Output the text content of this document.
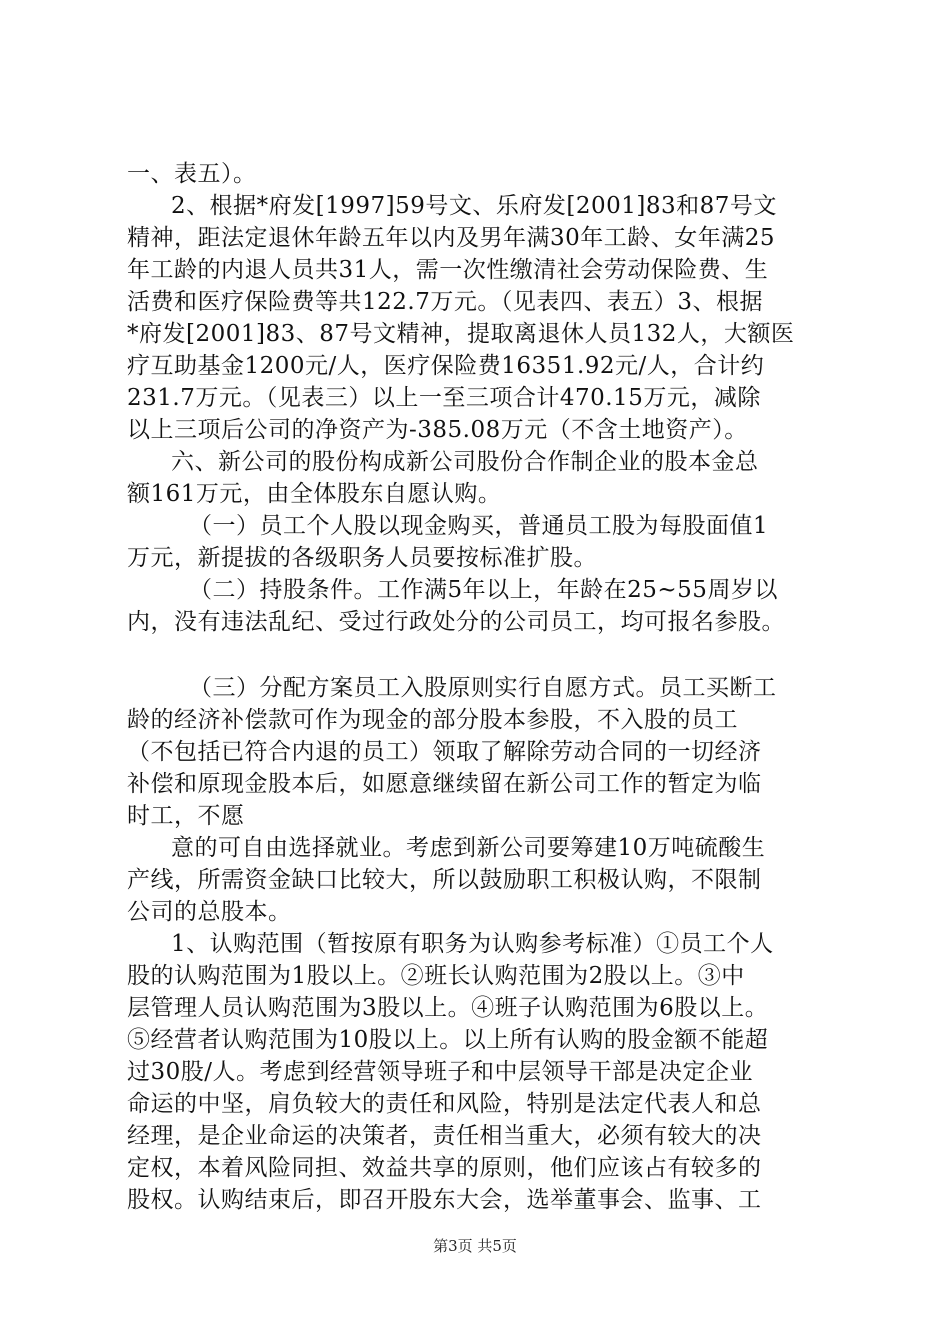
一、表五）。
2、根据*府发[1997]59号文、乐府发[2001]83和87号文
精神，距法定退休年龄五年以内及男年满30年工龄、女年满25
年工龄的内退人员共31人，需一次性缴清社会劳动保险费、生
活费和医疗保险费等共122.7万元。（见表四、表五）3、根据
*府发[2001]83、87号文精神，提取离退休人员132人，大额医
疗互助基金1200元/人，医疗保险费16351.92元/人，合计约
231.7万元。（见表三）以上一至三项合计470.15万元，减除
以上三项后公司的净资产为-385.08万元（不含土地资产）。
六、新公司的股份构成新公司股份合作制企业的股本金总
额161万元，由全体股东自愿认购。
（一）员工个人股以现金购买，普通员工股为每股面值1
万元，新提拔的各级职务人员要按标准扩股。
（二）持股条件。工作满5年以上，年龄在25~55周岁以
内，没有违法乱纪、受过行政处分的公司员工，均可报名参股。
（三）分配方案员工入股原则实行自愿方式。员工买断工
龄的经济补偿款可作为现金的部分股本参股，不入股的员工
（不包括已符合内退的员工）领取了解除劳动合同的一切经济
补偿和原现金股本后，如愿意继续留在新公司工作的暂定为临
时工，不愿
意的可自由选择就业。考虑到新公司要筹建10万吨硫酸生
产线，所需资金缺口比较大，所以鼓励职工积极认购，不限制
公司的总股本。
1、认购范围（暂按原有职务为认购参考标准）①员工个人
股的认购范围为1股以上。②班长认购范围为2股以上。③中
层管理人员认购范围为3股以上。④班子认购范围为6股以上。
⑤经营者认购范围为10股以上。以上所有认购的股金额不能超
过30股/人。考虑到经营领导班子和中层领导干部是决定企业
命运的中坚，肩负较大的责任和风险，特别是法定代表人和总
经理，是企业命运的决策者，责任相当重大，必须有较大的决
定权，本着风险同担、效益共享的原则，他们应该占有较多的
股权。认购结束后，即召开股东大会，选举董事会、监事、工
第3页 共5页
